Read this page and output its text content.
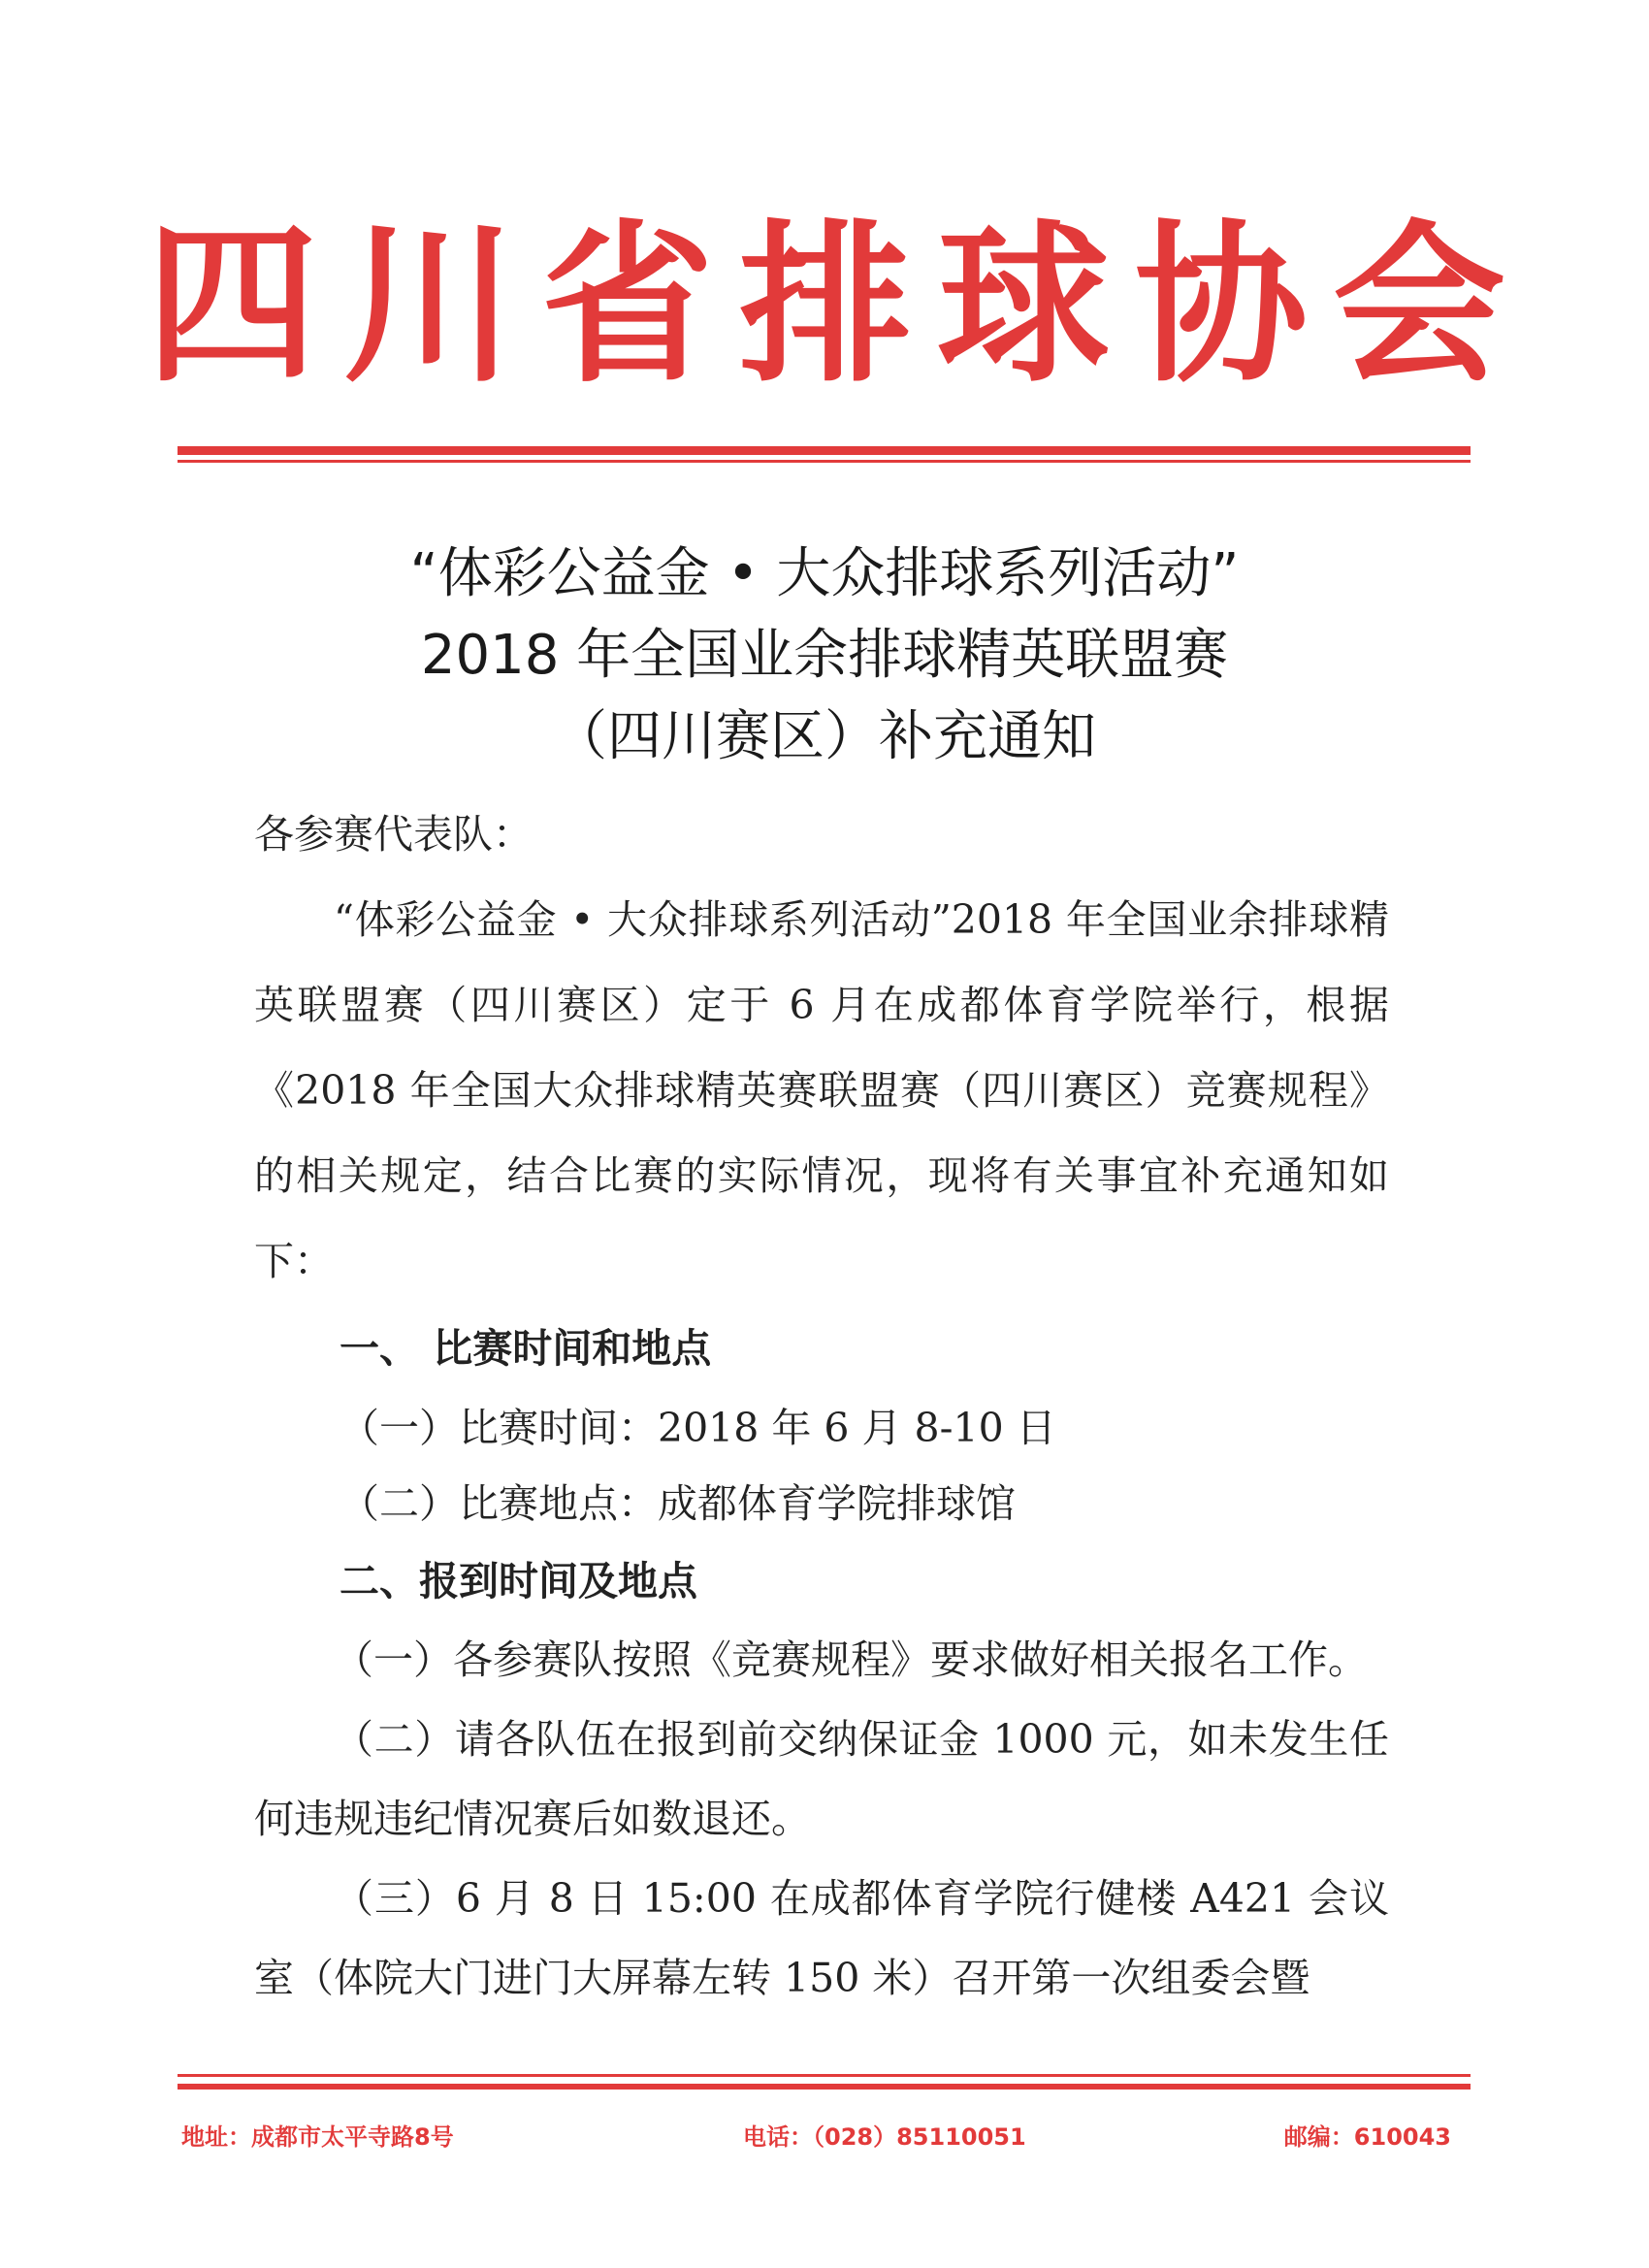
四川省排球协会
“体彩公益金 • 大众排球系列活动”
2018 年全国业余排球精英联盟赛
（四川赛区）补充通知

各参赛代表队：

“体彩公益金 • 大众排球系列活动”2018 年全国业余排球精英联盟赛（四川赛区）定于 6 月在成都体育学院举行，根据《2018 年全国大众排球精英赛联盟赛（四川赛区）竞赛规程》的相关规定，结合比赛的实际情况，现将有关事宜补充通知如下：

一、 比赛时间和地点

（一）比赛时间：2018 年 6 月 8-10 日

（二）比赛地点：成都体育学院排球馆

二、报到时间及地点

（一）各参赛队按照《竞赛规程》要求做好相关报名工作。

（二）请各队伍在报到前交纳保证金 1000 元，如未发生任何违规违纪情况赛后如数退还。

（三）6 月 8 日 15:00 在成都体育学院行健楼 A421 会议室（体院大门进门大屏幕左转 150 米）召开第一次组委会暨

地址：成都市太平寺路8号	电话：（028）85110051	邮编：610043
